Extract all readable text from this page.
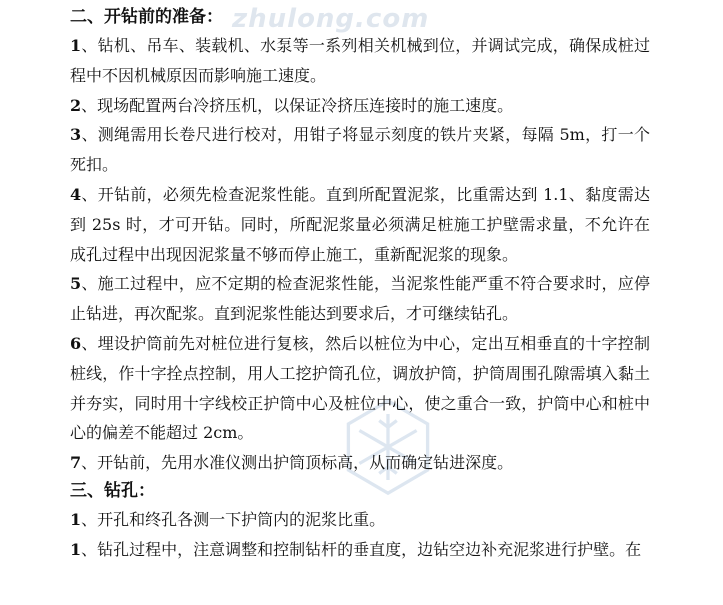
zhulong.com
二、开钻前的准备：

1、钻机、吊车、装载机、水泵等一系列相关机械到位，并调试完成，确保成桩过程中不因机械原因而影响施工速度。

2、现场配置两台冷挤压机，以保证冷挤压连接时的施工速度。

3、测绳需用长卷尺进行校对，用钳子将显示刻度的铁片夹紧，每隔 5m，打一个死扣。

4、开钻前，必须先检查泥浆性能。直到所配置泥浆，比重需达到 1.1、黏度需达到 25s 时，才可开钻。同时，所配泥浆量必须满足桩施工护壁需求量，不允许在成孔过程中出现因泥浆量不够而停止施工，重新配泥浆的现象。

5、施工过程中，应不定期的检查泥浆性能，当泥浆性能严重不符合要求时，应停止钻进，再次配浆。直到泥浆性能达到要求后，才可继续钻孔。

6、埋设护筒前先对桩位进行复核，然后以桩位为中心，定出互相垂直的十字控制桩线，作十字拴点控制，用人工挖护筒孔位，调放护筒，护筒周围孔隙需填入黏土并夯实，同时用十字线校正护筒中心及桩位中心，使之重合一致，护筒中心和桩中心的偏差不能超过 2cm。

7、开钻前，先用水准仪测出护筒顶标高，从而确定钻进深度。

三、钻孔：

1、开孔和终孔各测一下护筒内的泥浆比重。

1、钻孔过程中，注意调整和控制钻杆的垂直度，边钻空边补充泥浆进行护壁。在
